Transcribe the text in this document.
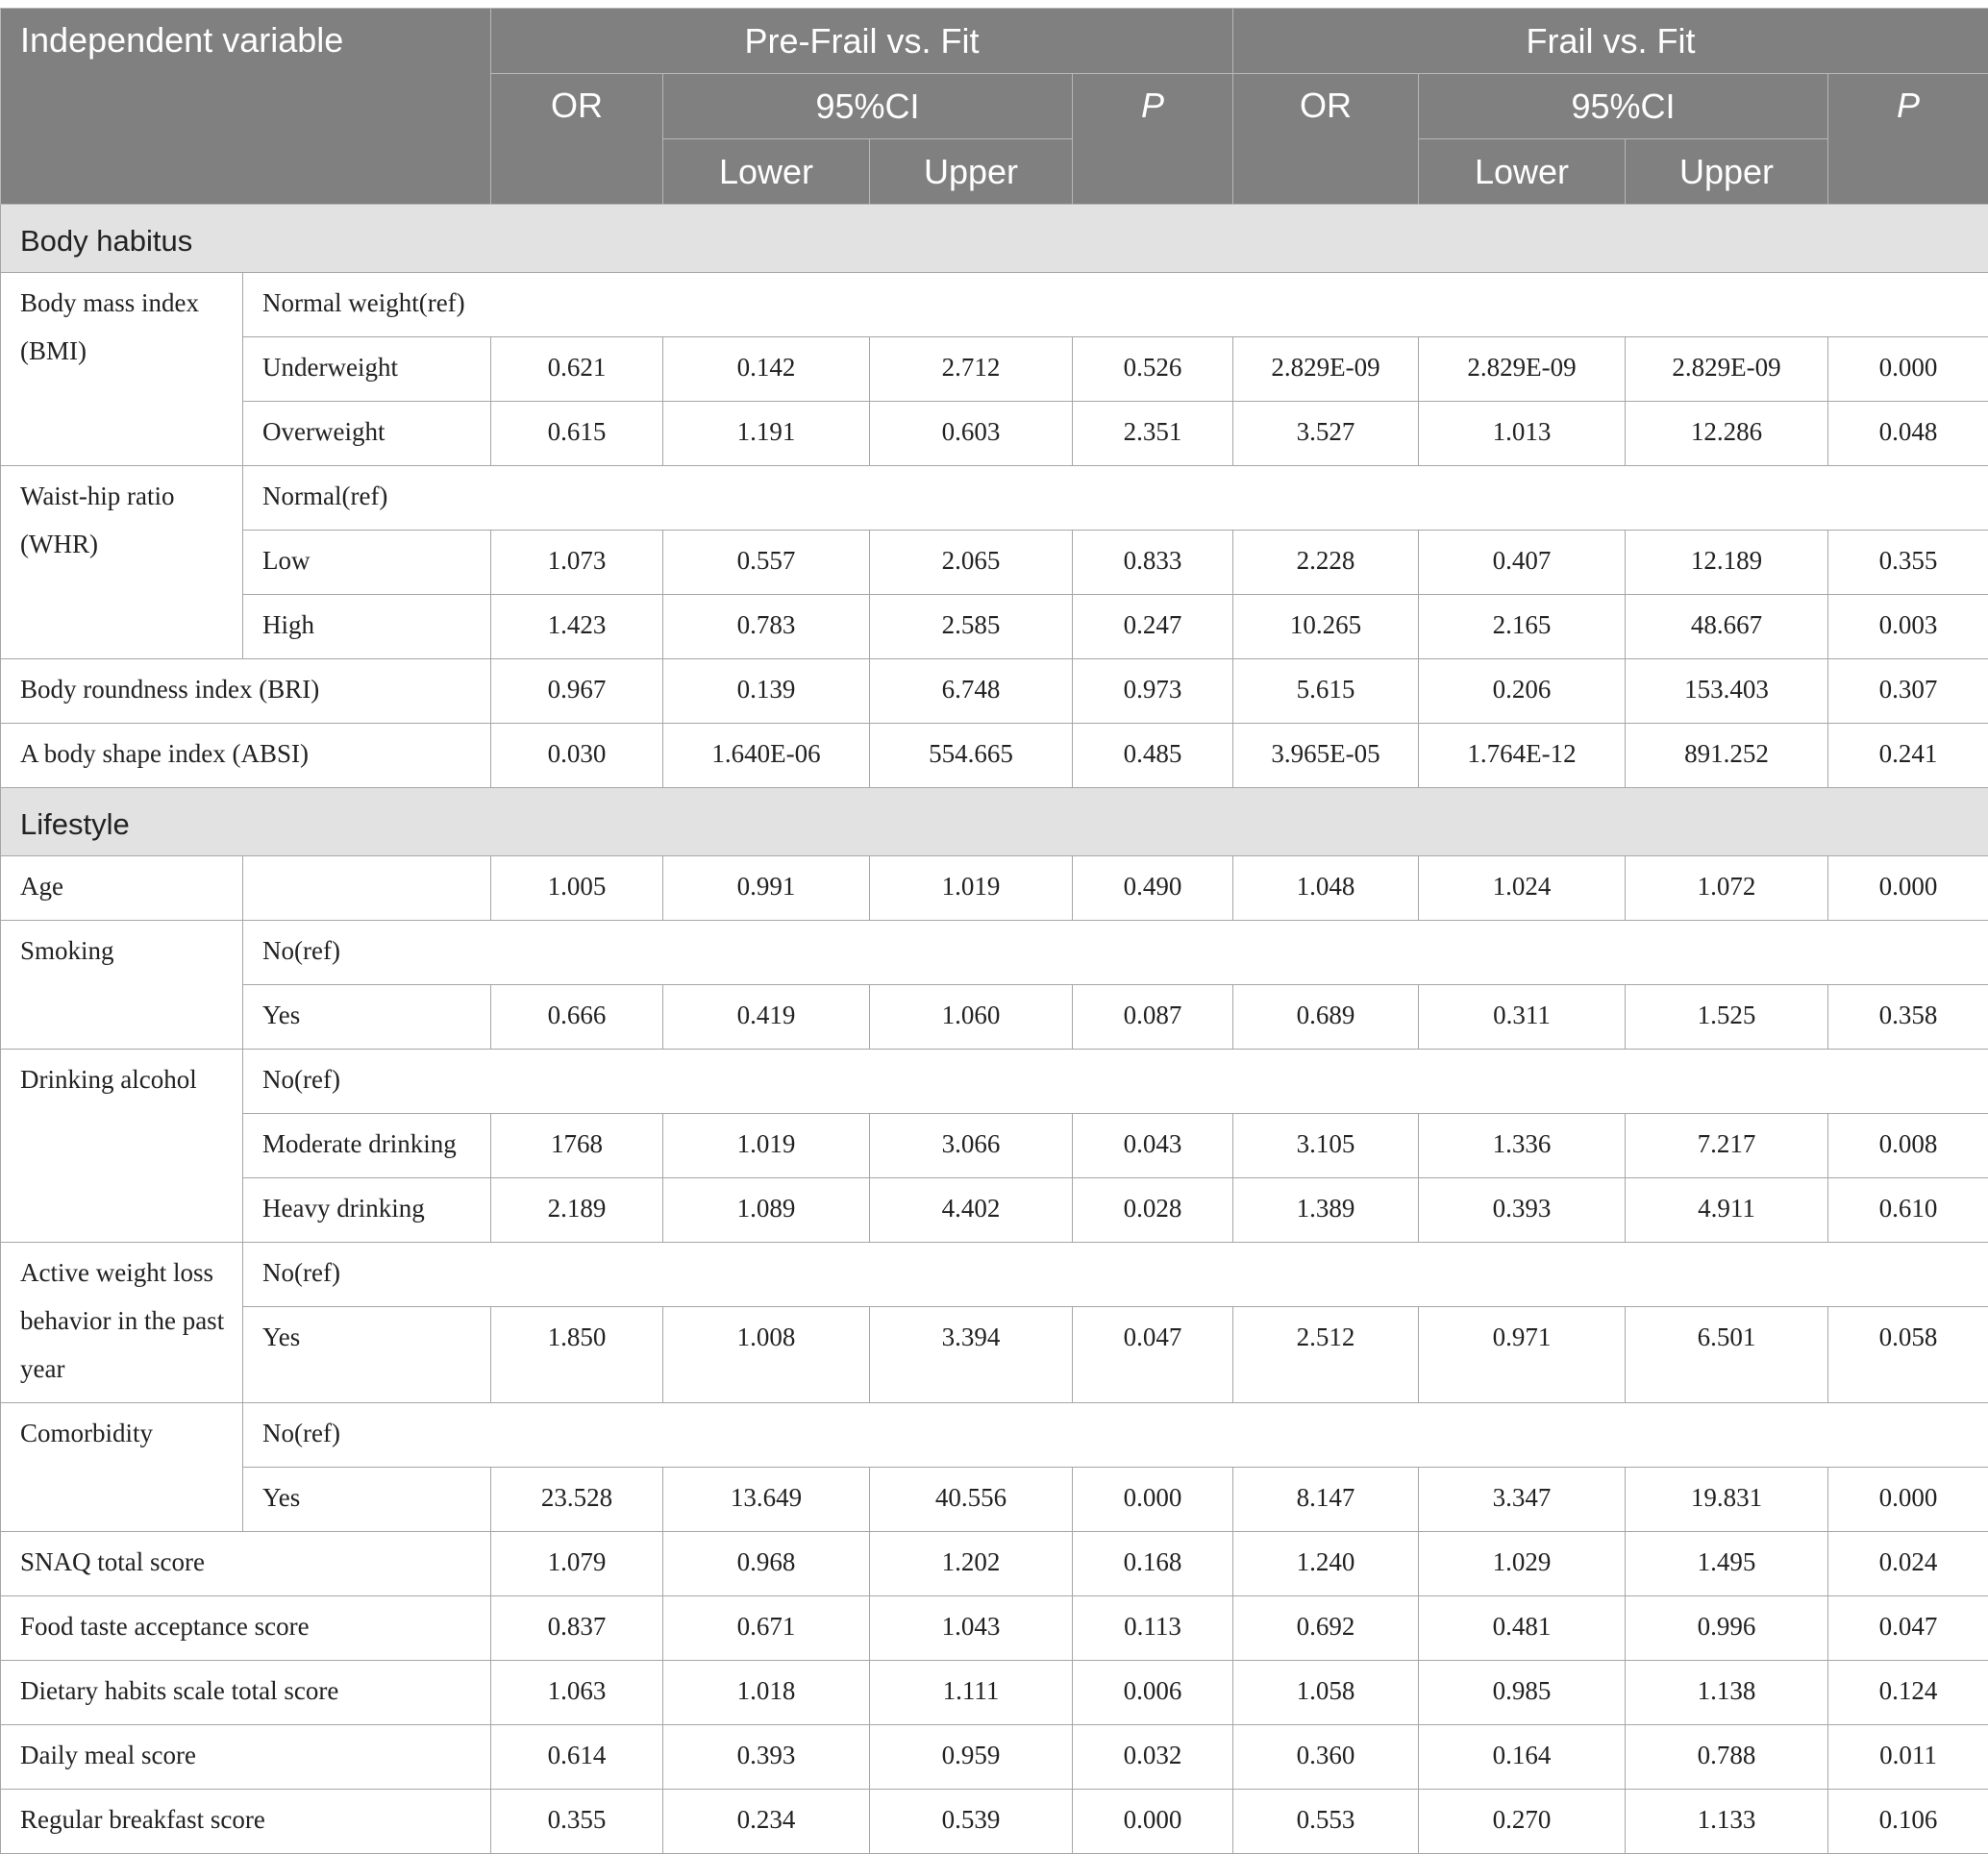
Independent variable		Pre-Frail vs. Fit				Frail vs. Fit			
		OR	95%CI		P	OR	95%CI		P
			Lower	Upper			Lower	Upper	
Body habitus									
Body mass index (BMI)	Normal weight(ref)								
	Underweight	0.621	0.142	2.712	0.526	2.829E-09	2.829E-09	2.829E-09	0.000
	Overweight	0.615	1.191	0.603	2.351	3.527	1.013	12.286	0.048
Waist-hip ratio (WHR)	Normal(ref)								
	Low	1.073	0.557	2.065	0.833	2.228	0.407	12.189	0.355
	High	1.423	0.783	2.585	0.247	10.265	2.165	48.667	0.003
Body roundness index (BRI)		0.967	0.139	6.748	0.973	5.615	0.206	153.403	0.307
A body shape index (ABSI)		0.030	1.640E-06	554.665	0.485	3.965E-05	1.764E-12	891.252	0.241
Lifestyle									
Age		1.005	0.991	1.019	0.490	1.048	1.024	1.072	0.000
Smoking	No(ref)								
	Yes	0.666	0.419	1.060	0.087	0.689	0.311	1.525	0.358
Drinking alcohol	No(ref)								
	Moderate drinking	1768	1.019	3.066	0.043	3.105	1.336	7.217	0.008
	Heavy drinking	2.189	1.089	4.402	0.028	1.389	0.393	4.911	0.610
Active weight loss behavior in the past year	No(ref)								
	Yes	1.850	1.008	3.394	0.047	2.512	0.971	6.501	0.058
Comorbidity	No(ref)								
	Yes	23.528	13.649	40.556	0.000	8.147	3.347	19.831	0.000
SNAQ total score		1.079	0.968	1.202	0.168	1.240	1.029	1.495	0.024
Food taste acceptance score		0.837	0.671	1.043	0.113	0.692	0.481	0.996	0.047
Dietary habits scale total score		1.063	1.018	1.111	0.006	1.058	0.985	1.138	0.124
Daily meal score		0.614	0.393	0.959	0.032	0.360	0.164	0.788	0.011
Regular breakfast score		0.355	0.234	0.539	0.000	0.553	0.270	1.133	0.106
